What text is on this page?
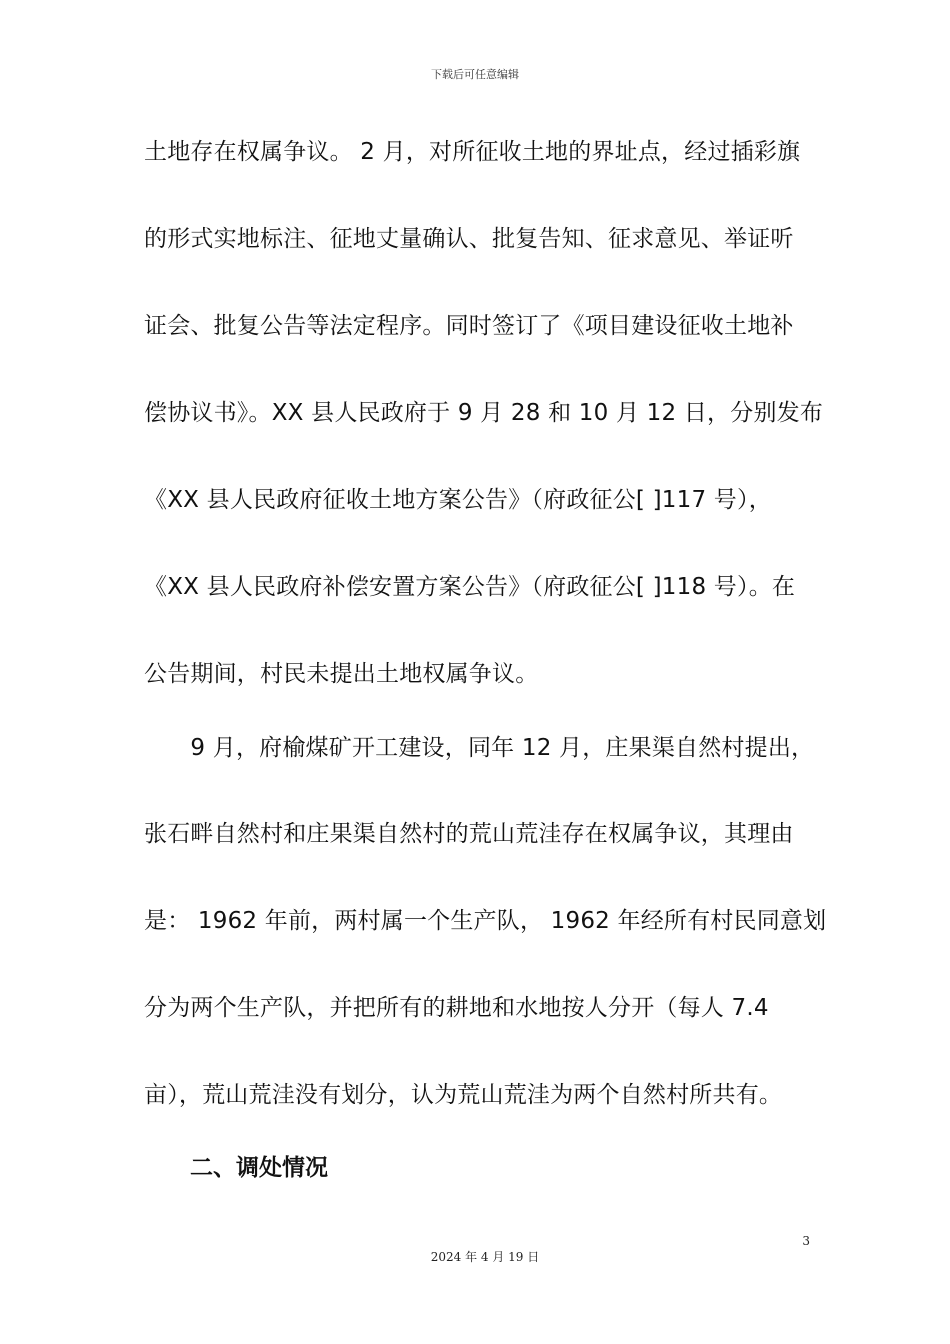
下载后可任意编辑
土地存在权属争议。 2 月，对所征收土地的界址点，经过插彩旗
的形式实地标注、征地丈量确认、批复告知、征求意见、举证听
证会、批复公告等法定程序。同时签订了《项目建设征收土地补
偿协议书》。XX 县人民政府于 9 月 28 和 10 月 12 日，分别发布
《XX 县人民政府征收土地方案公告》（府政征公[ ]117 号），
《XX 县人民政府补偿安置方案公告》（府政征公[ ]118 号）。在
公告期间，村民未提出土地权属争议。
　　9 月，府榆煤矿开工建设，同年 12 月，庄果渠自然村提出，
张石畔自然村和庄果渠自然村的荒山荒洼存在权属争议，其理由
是： 1962 年前，两村属一个生产队， 1962 年经所有村民同意划
分为两个生产队，并把所有的耕地和水地按人分开（每人 7.4
亩），荒山荒洼没有划分，认为荒山荒洼为两个自然村所共有。
二、调处情况
3
2024 年 4 月 19 日
